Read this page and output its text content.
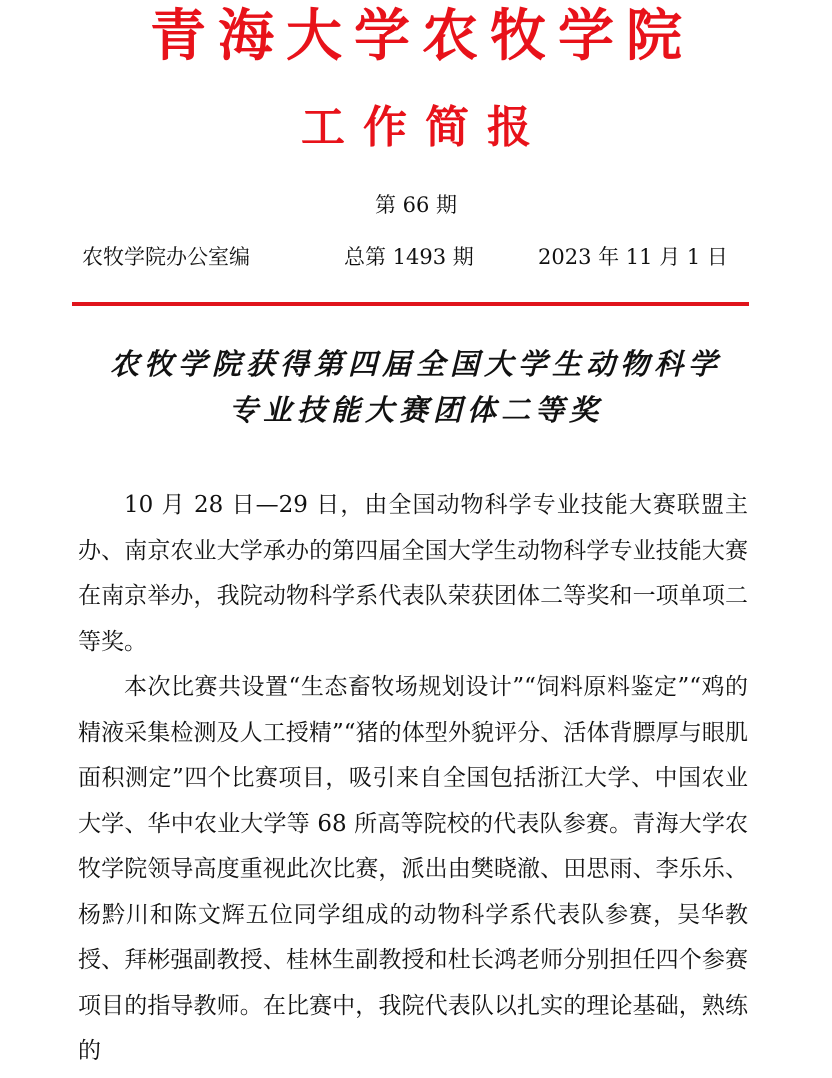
青海大学农牧学院
工作简报
第 66 期
农牧学院办公室编	总第 1493 期	2023 年 11 月 1 日
农牧学院获得第四届全国大学生动物科学
专业技能大赛团体二等奖

10 月 28 日—29 日，由全国动物科学专业技能大赛联盟主办、南京农业大学承办的第四届全国大学生动物科学专业技能大赛在南京举办，我院动物科学系代表队荣获团体二等奖和一项单项二等奖。

本次比赛共设置“生态畜牧场规划设计”“饲料原料鉴定”“鸡的精液采集检测及人工授精”“猪的体型外貌评分、活体背膘厚与眼肌面积测定”四个比赛项目，吸引来自全国包括浙江大学、中国农业大学、华中农业大学等 68 所高等院校的代表队参赛。青海大学农牧学院领导高度重视此次比赛，派出由樊晓澈、田思雨、李乐乐、杨黔川和陈文辉五位同学组成的动物科学系代表队参赛，吴华教授、拜彬强副教授、桂林生副教授和杜长鸿老师分别担任四个参赛项目的指导教师。在比赛中，我院代表队以扎实的理论基础，熟练的
